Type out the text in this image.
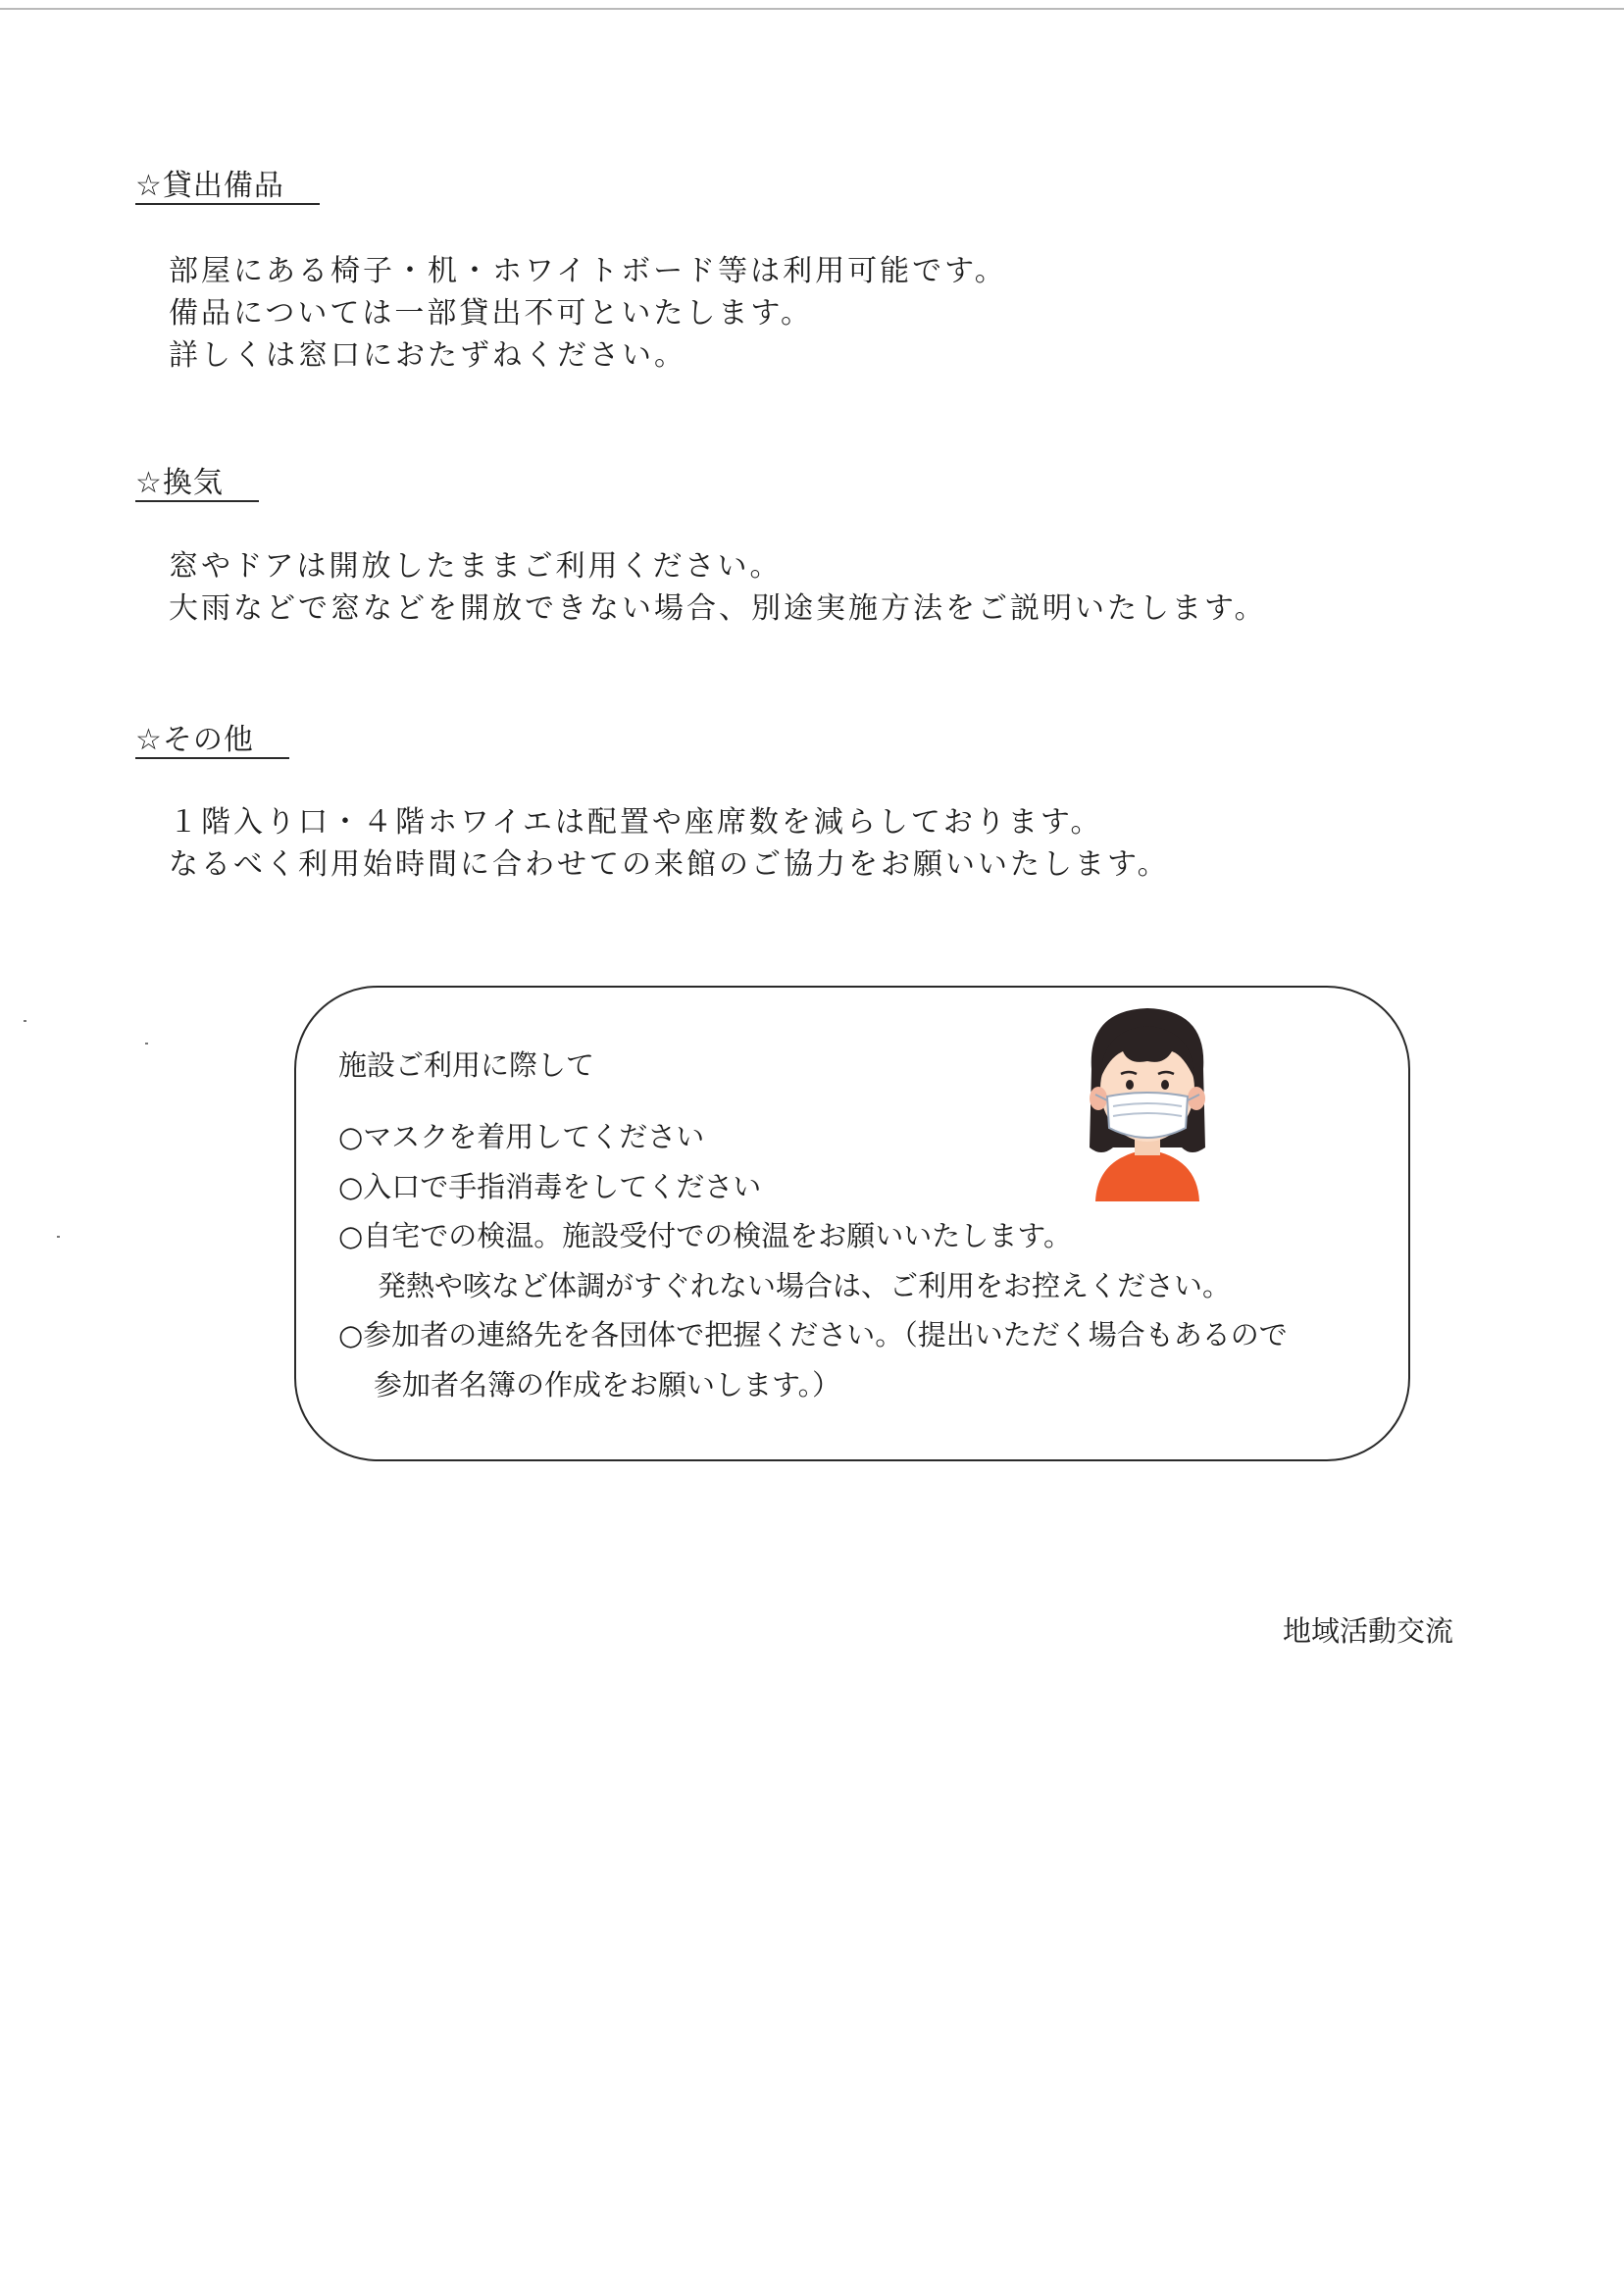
☆貸出備品
部屋にある椅子・机・ホワイトボード等は利用可能です。
備品については一部貸出不可といたします。
詳しくは窓口におたずねください。
☆換気
窓やドアは開放したままご利用ください。
大雨などで窓などを開放できない場合、別途実施方法をご説明いたします。
☆その他
１階入り口・４階ホワイエは配置や座席数を減らしております。
なるべく利用始時間に合わせての来館のご協力をお願いいたします。
施設ご利用に際して
○マスクを着用してください
○入口で手指消毒をしてください
○自宅での検温。施設受付での検温をお願いいたします。
発熱や咳など体調がすぐれない場合は、ご利用をお控えください。
○参加者の連絡先を各団体で把握ください。（提出いただく場合もあるので
参加者名簿の作成をお願いします。）
地域活動交流
